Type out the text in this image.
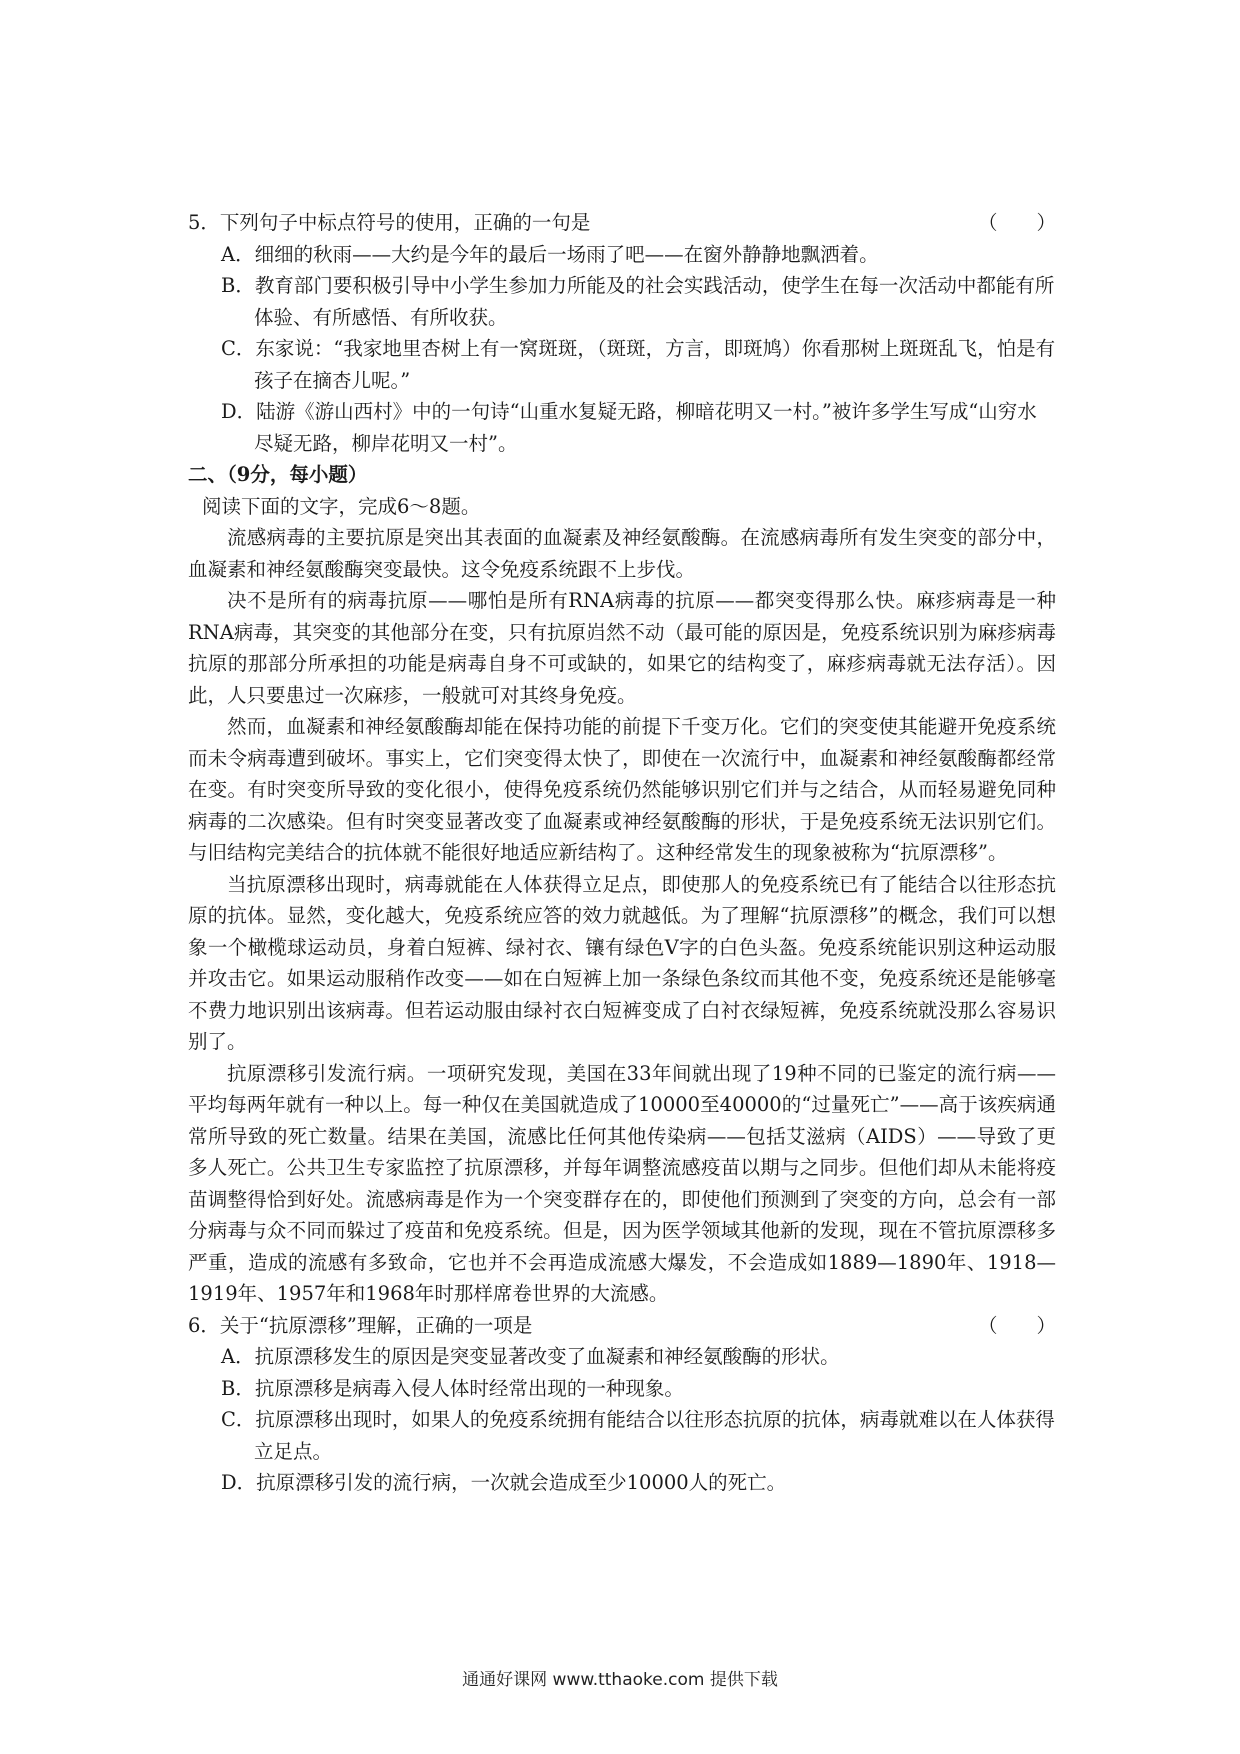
5．下列句子中标点符号的使用，正确的一句是	（　　）
A．细细的秋雨——大约是今年的最后一场雨了吧——在窗外静静地飘洒着。
B．教育部门要积极引导中小学生参加力所能及的社会实践活动，使学生在每一次活动中都能有所体验、有所感悟、有所收获。
C．东家说：“我家地里杏树上有一窝斑斑，（斑斑，方言，即斑鸠）你看那树上斑斑乱飞，怕是有孩子在摘杏儿呢。”
D．陆游《游山西村》中的一句诗“山重水复疑无路，柳暗花明又一村。”被许多学生写成“山穷水尽疑无路，柳岸花明又一村”。
二、（9分，每小题）
阅读下面的文字，完成6～8题。
流感病毒的主要抗原是突出其表面的血凝素及神经氨酸酶。在流感病毒所有发生突变的部分中，血凝素和神经氨酸酶突变最快。这令免疫系统跟不上步伐。
决不是所有的病毒抗原——哪怕是所有RNA病毒的抗原——都突变得那么快。麻疹病毒是一种RNA病毒，其突变的其他部分在变，只有抗原岿然不动（最可能的原因是，免疫系统识别为麻疹病毒抗原的那部分所承担的功能是病毒自身不可或缺的，如果它的结构变了，麻疹病毒就无法存活）。因此，人只要患过一次麻疹，一般就可对其终身免疫。
然而，血凝素和神经氨酸酶却能在保持功能的前提下千变万化。它们的突变使其能避开免疫系统而未令病毒遭到破坏。事实上，它们突变得太快了，即使在一次流行中，血凝素和神经氨酸酶都经常在变。有时突变所导致的变化很小，使得免疫系统仍然能够识别它们并与之结合，从而轻易避免同种病毒的二次感染。但有时突变显著改变了血凝素或神经氨酸酶的形状，于是免疫系统无法识别它们。与旧结构完美结合的抗体就不能很好地适应新结构了。这种经常发生的现象被称为“抗原漂移”。
当抗原漂移出现时，病毒就能在人体获得立足点，即使那人的免疫系统已有了能结合以往形态抗原的抗体。显然，变化越大，免疫系统应答的效力就越低。为了理解“抗原漂移”的概念，我们可以想象一个橄榄球运动员，身着白短裤、绿衬衣、镶有绿色V字的白色头盔。免疫系统能识别这种运动服并攻击它。如果运动服稍作改变——如在白短裤上加一条绿色条纹而其他不变，免疫系统还是能够毫不费力地识别出该病毒。但若运动服由绿衬衣白短裤变成了白衬衣绿短裤，免疫系统就没那么容易识别了。
抗原漂移引发流行病。一项研究发现，美国在33年间就出现了19种不同的已鉴定的流行病——平均每两年就有一种以上。每一种仅在美国就造成了10000至40000的“过量死亡”——高于该疾病通常所导致的死亡数量。结果在美国，流感比任何其他传染病——包括艾滋病（AIDS）——导致了更多人死亡。公共卫生专家监控了抗原漂移，并每年调整流感疫苗以期与之同步。但他们却从未能将疫苗调整得恰到好处。流感病毒是作为一个突变群存在的，即使他们预测到了突变的方向，总会有一部分病毒与众不同而躲过了疫苗和免疫系统。但是，因为医学领域其他新的发现，现在不管抗原漂移多严重，造成的流感有多致命，它也并不会再造成流感大爆发，不会造成如1889—1890年、1918—1919年、1957年和1968年时那样席卷世界的大流感。
6．关于“抗原漂移”理解，正确的一项是	（　　）
A．抗原漂移发生的原因是突变显著改变了血凝素和神经氨酸酶的形状。
B．抗原漂移是病毒入侵人体时经常出现的一种现象。
C．抗原漂移出现时，如果人的免疫系统拥有能结合以往形态抗原的抗体，病毒就难以在人体获得立足点。
D．抗原漂移引发的流行病，一次就会造成至少10000人的死亡。
通通好课网 www.tthaoke.com 提供下载
